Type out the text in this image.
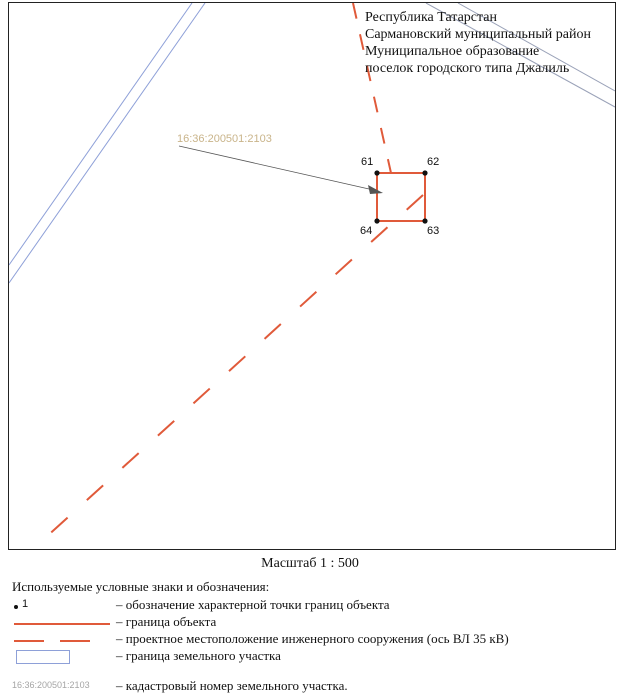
16:36:200501:2103
61	62
63
64
Республика Татарстан
Сармановский муниципальный район
Муниципальное образование
поселок городского типа Джалиль
Масштаб 1 : 500
Используемые условные знаки и обозначения:
1	– обозначение характерной точки границ объекта
– граница объекта
– проектное местоположение инженерного сооружения (ось ВЛ 35 кВ)
– граница земельного участка
16:36:200501:2103 – кадастровый номер земельного участка.
